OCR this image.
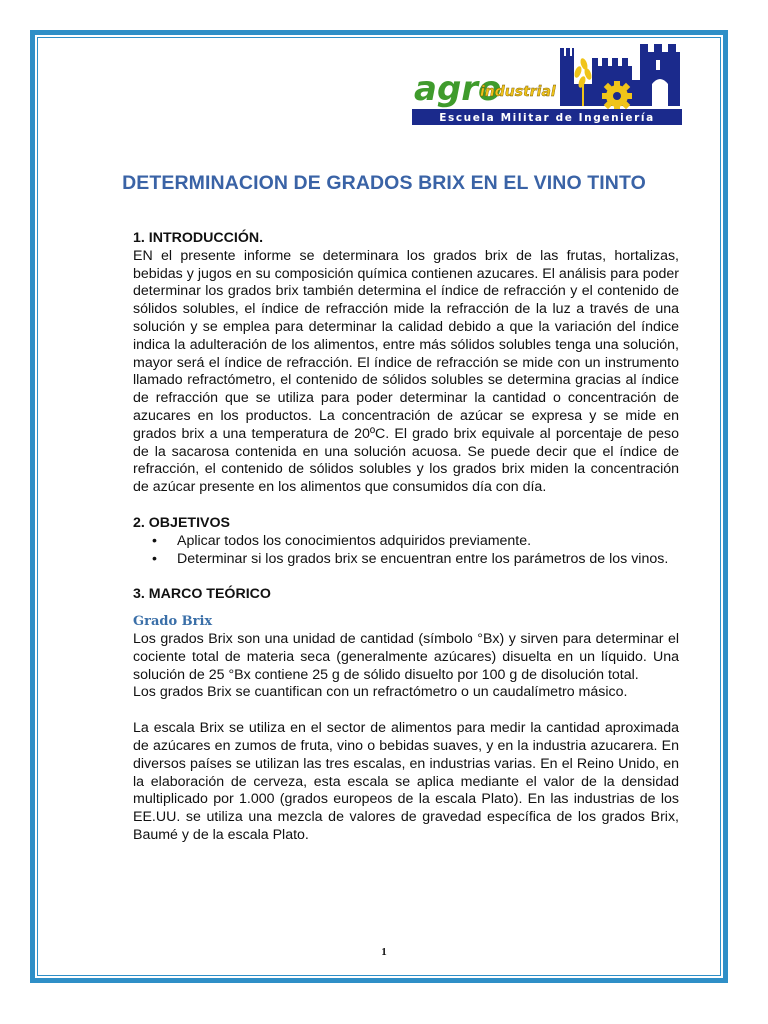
agro
industrial
Escuela Militar de Ingeniería
DETERMINACION DE GRADOS BRIX EN EL VINO TINTO

1. INTRODUCCIÓN.

EN el presente informe se determinara los grados brix de las frutas, hortalizas, bebidas y jugos en su composición química contienen azucares. El análisis para poder determinar los grados brix también determina el índice de refracción y el contenido de sólidos solubles, el índice de refracción mide la refracción de la luz a través de una solución y se emplea para determinar la calidad debido a que la variación del índice indica la adulteración de los alimentos, entre más sólidos solubles tenga una solución, mayor será el índice de refracción. El índice de refracción se mide con un instrumento llamado refractómetro, el contenido de sólidos solubles se determina gracias al índice de refracción que se utiliza para poder determinar la cantidad o concentración de azucares en los productos. La concentración de azúcar se expresa y se mide en grados brix a una temperatura de 20ºC. El grado brix equivale al porcentaje de peso de la sacarosa contenida en una solución acuosa. Se puede decir que el índice de refracción, el contenido de sólidos solubles y los grados brix miden la concentración de azúcar presente en los alimentos que consumidos día con día.

2. OBJETIVOS

• Aplicar todos los conocimientos adquiridos previamente.
• Determinar si los grados brix se encuentran entre los parámetros de los vinos.

3. MARCO TEÓRICO

Grado Brix

Los grados Brix son una unidad de cantidad (símbolo °Bx) y sirven para determinar el cociente total de materia seca (generalmente azúcares) disuelta en un líquido. Una solución de 25 °Bx contiene 25 g de sólido disuelto por 100 g de disolución total.

Los grados Brix se cuantifican con un refractómetro o un caudalímetro másico.

La escala Brix se utiliza en el sector de alimentos para medir la cantidad aproximada de azúcares en zumos de fruta, vino o bebidas suaves, y en la industria azucarera. En diversos países se utilizan las tres escalas, en industrias varias. En el Reino Unido, en la elaboración de cerveza, esta escala se aplica mediante el valor de la densidad multiplicado por 1.000 (grados europeos de la escala Plato). En las industrias de los EE.UU. se utiliza una mezcla de valores de gravedad específica de los grados Brix, Baumé y de la escala Plato.

1
